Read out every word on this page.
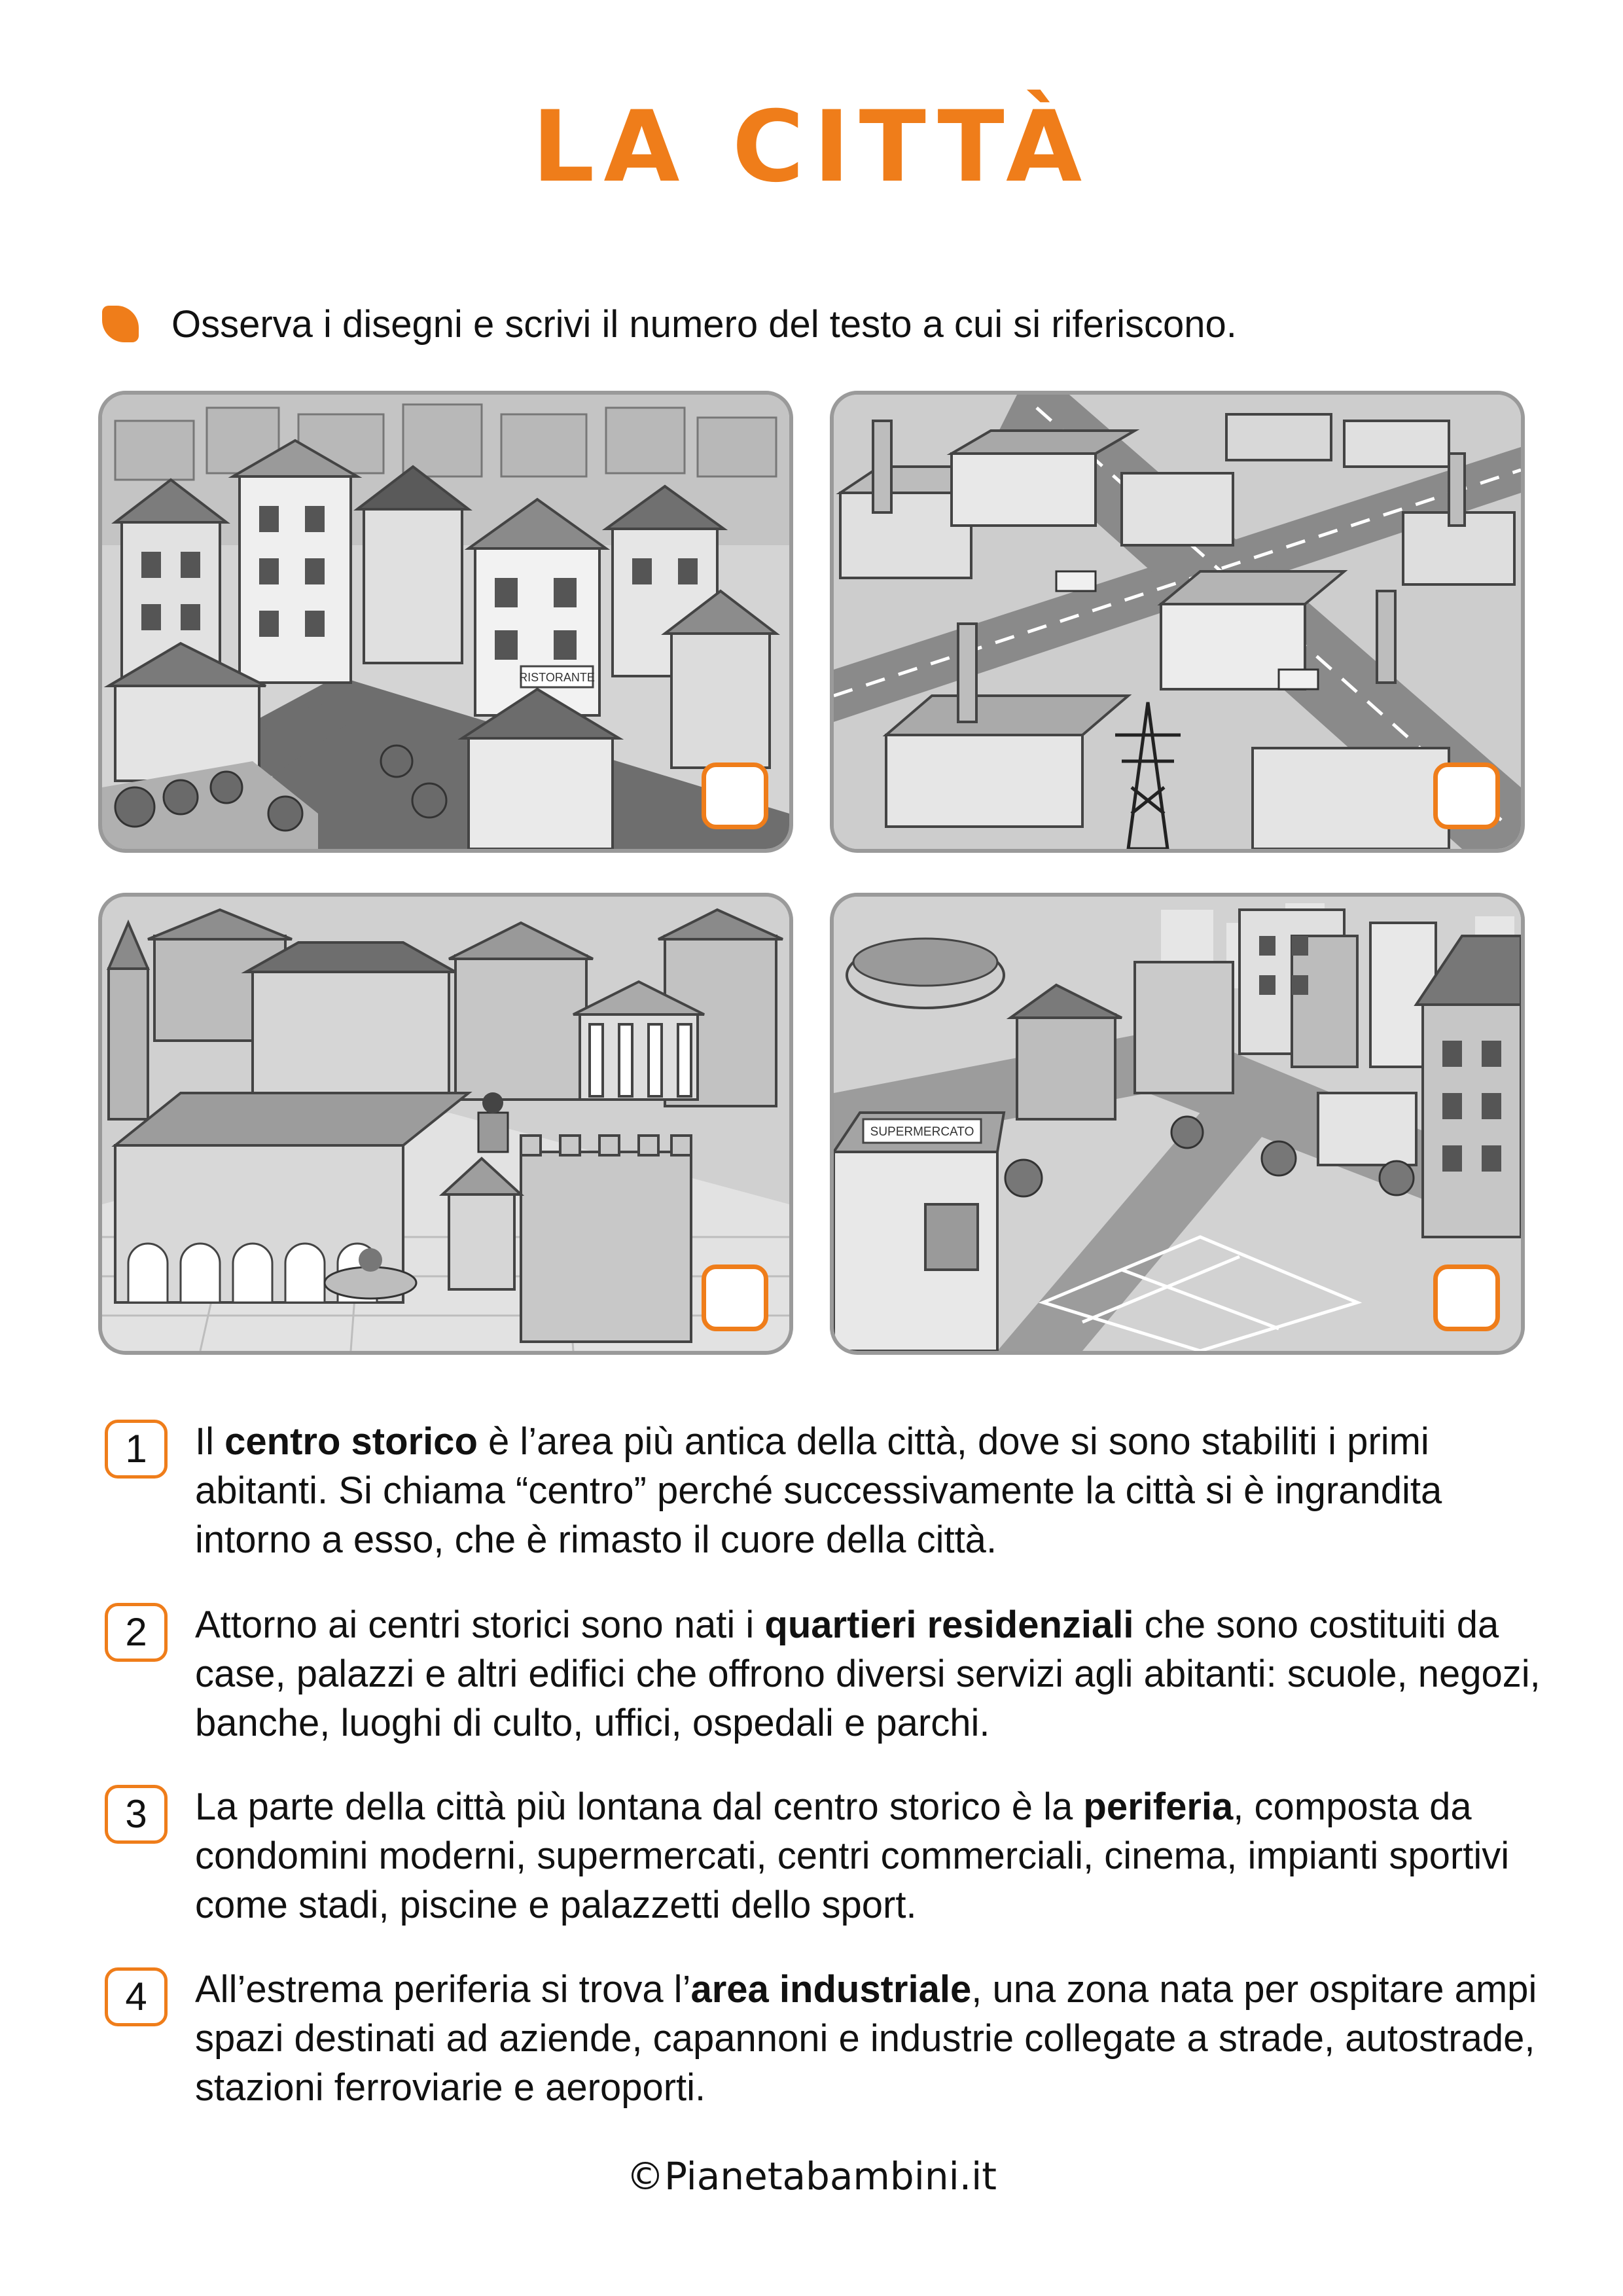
LA CITTÀ
Osserva i disegni e scrivi il numero del testo a cui si riferiscono.
RISTORANTE
SUPERMERCATO
1	Il centro storico è l’area più antica della città, dove si sono stabiliti i primi abitanti. Si chiama “centro” perché successivamente la città si è ingrandita intorno a esso, che è rimasto il cuore della città.
2	Attorno ai centri storici sono nati i quartieri residenziali che sono costituiti da case, palazzi e altri edifici che offrono diversi servizi agli abitanti: scuole, negozi, banche, luoghi di culto, uffici, ospedali e parchi.
3	La parte della città più lontana dal centro storico è la periferia, composta da condomini moderni, supermercati, centri commerciali, cinema, impianti sportivi come stadi, piscine e palazzetti dello sport.
4	All’estrema periferia si trova l’area industriale, una zona nata per ospitare ampi spazi destinati ad aziende, capannoni e industrie collegate a strade, autostrade, stazioni ferroviarie e aeroporti.
©Pianetabambini.it
